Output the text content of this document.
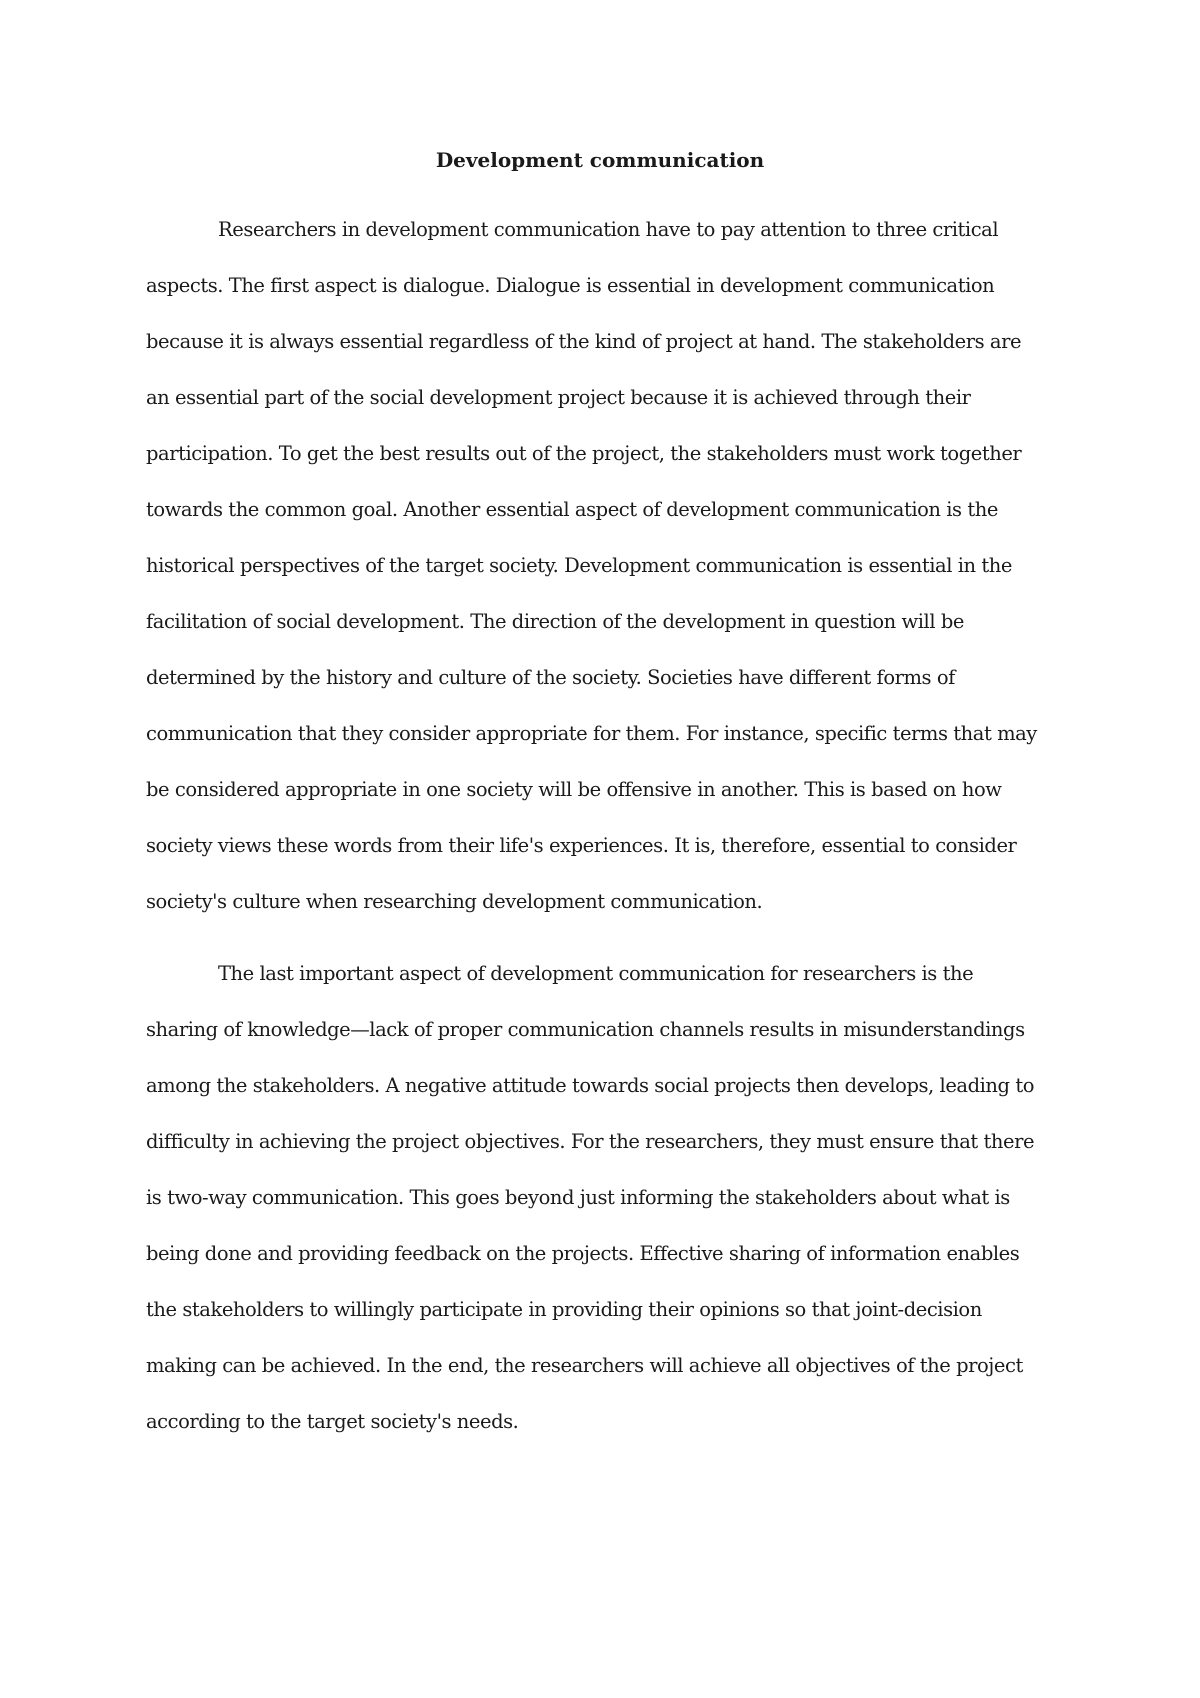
Development communication
Researchers in development communication have to pay attention to three critical
aspects. The first aspect is dialogue. Dialogue is essential in development communication
because it is always essential regardless of the kind of project at hand. The stakeholders are
an essential part of the social development project because it is achieved through their
participation. To get the best results out of the project, the stakeholders must work together
towards the common goal. Another essential aspect of development communication is the
historical perspectives of the target society. Development communication is essential in the
facilitation of social development. The direction of the development in question will be
determined by the history and culture of the society. Societies have different forms of
communication that they consider appropriate for them. For instance, specific terms that may
be considered appropriate in one society will be offensive in another. This is based on how
society views these words from their life's experiences. It is, therefore, essential to consider
society's culture when researching development communication.
The last important aspect of development communication for researchers is the
sharing of knowledge—lack of proper communication channels results in misunderstandings
among the stakeholders. A negative attitude towards social projects then develops, leading to
difficulty in achieving the project objectives. For the researchers, they must ensure that there
is two-way communication. This goes beyond just informing the stakeholders about what is
being done and providing feedback on the projects. Effective sharing of information enables
the stakeholders to willingly participate in providing their opinions so that joint-decision
making can be achieved. In the end, the researchers will achieve all objectives of the project
according to the target society's needs.
